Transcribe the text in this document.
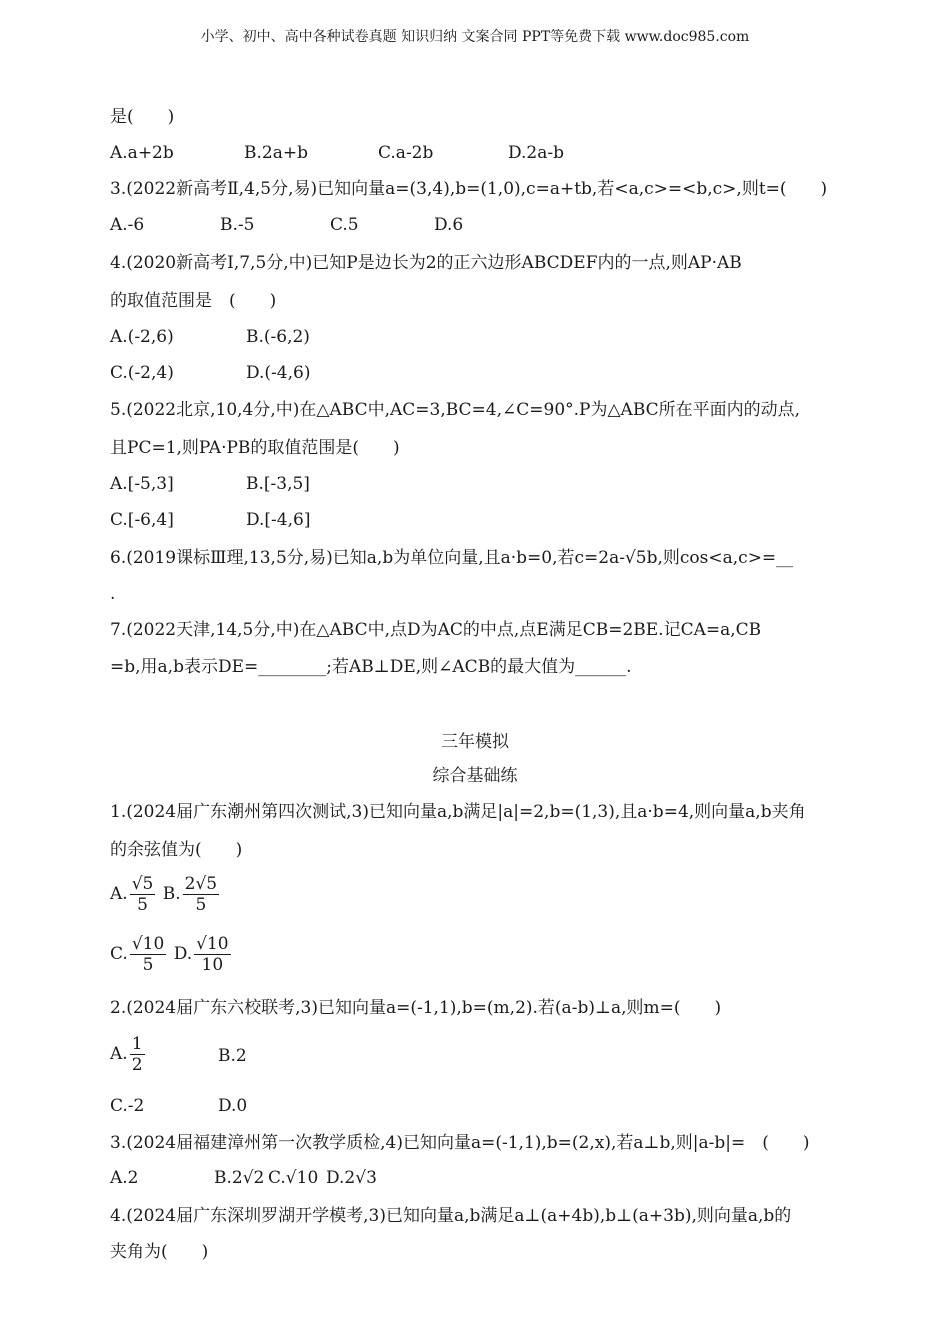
小学、初中、高中各种试卷真题 知识归纳 文案合同 PPT等免费下载 www.doc985.com
是(　　)
A.a+2b	B.2a+b	C.a-2b	D.2a-b
3.(2022新高考Ⅱ,4,5分,易)已知向量a=(3,4),b=(1,0),c=a+tb,若<a,c>=<b,c>,则t=(　　)
A.-6	B.-5	C.5	D.6
4.(2020新高考Ⅰ,7,5分,中)已知P是边长为2的正六边形ABCDEF内的一点,则AP·AB
的取值范围是　(　　)
A.(-2,6)	B.(-6,2)
C.(-2,4)	D.(-4,6)
5.(2022北京,10,4分,中)在△ABC中,AC=3,BC=4,∠C=90°.P为△ABC所在平面内的动点,
且PC=1,则PA·PB的取值范围是(　　)
A.[-5,3]	B.[-3,5]
C.[-6,4]	D.[-4,6]
6.(2019课标Ⅲ理,13,5分,易)已知a,b为单位向量,且a·b=0,若c=2a-√5b,则cos<a,c>=__
.
7.(2022天津,14,5分,中)在△ABC中,点D为AC的中点,点E满足CB=2BE.记CA=a,CB
=b,用a,b表示DE=________;若AB⊥DE,则∠ACB的最大值为______.
三年模拟
综合基础练
1.(2024届广东潮州第四次测试,3)已知向量a,b满足|a|=2,b=(1,3),且a·b=4,则向量a,b夹角
的余弦值为(　　)
A. $\frac{√5}{5} B$. $\frac{2√5}{5}$
C. $\frac{√10}{5} D$. $\frac{√10}{10}$
2.(2024届广东六校联考,3)已知向量a=(-1,1),b=(m,2).若(a-b)⊥a,则m=(　　)
A. $\frac{1}{2}$	B.2
C.-2	D.0
3.(2024届福建漳州第一次教学质检,4)已知向量a=(-1,1),b=(2,x),若a⊥b,则|a-b|=　(　　)
A.2	B.2√2 C.√10 D.2√3
4.(2024届广东深圳罗湖开学模考,3)已知向量a,b满足a⊥(a+4b),b⊥(a+3b),则向量a,b的
夹角为(　　)
